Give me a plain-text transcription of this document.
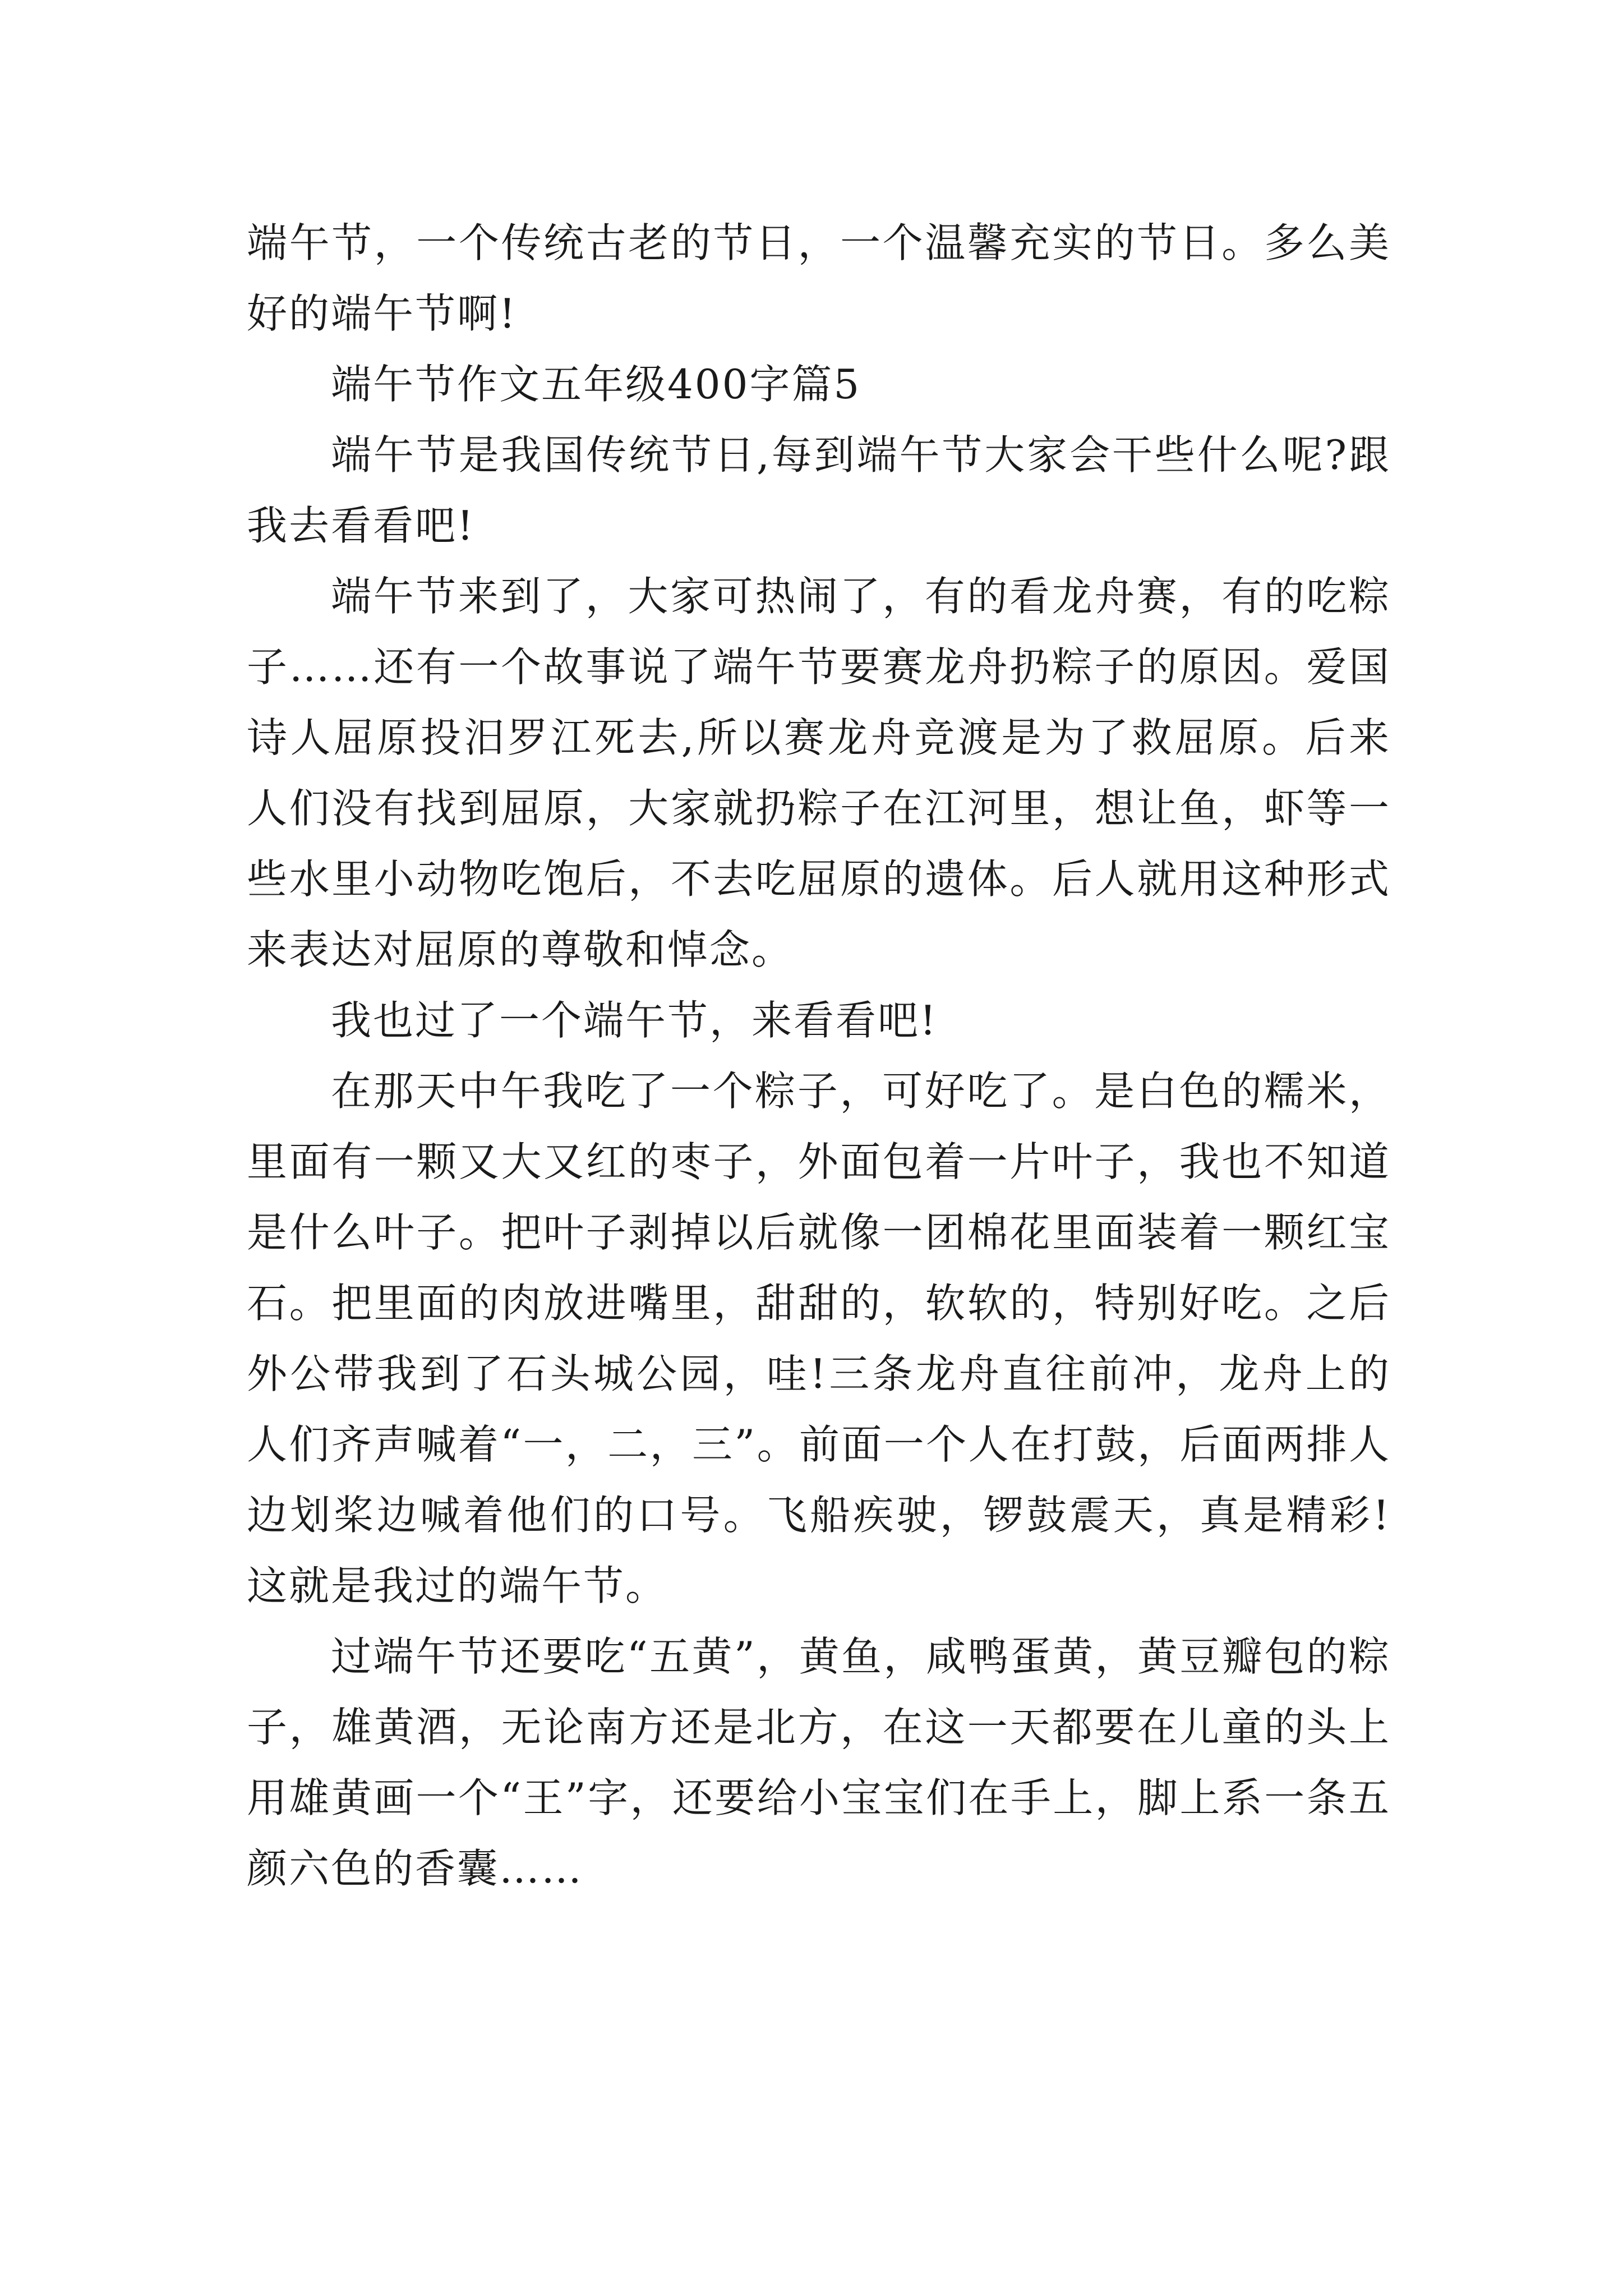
端午节，一个传统古老的节日，一个温馨充实的节日。多么美好的端午节啊!

端午节作文五年级400字篇5

端午节是我国传统节日,每到端午节大家会干些什么呢?跟我去看看吧!

端午节来到了，大家可热闹了，有的看龙舟赛，有的吃粽子……还有一个故事说了端午节要赛龙舟扔粽子的原因。爱国诗人屈原投汨罗江死去,所以赛龙舟竞渡是为了救屈原。后来人们没有找到屈原，大家就扔粽子在江河里，想让鱼，虾等一些水里小动物吃饱后，不去吃屈原的遗体。后人就用这种形式来表达对屈原的尊敬和悼念。

我也过了一个端午节，来看看吧!

在那天中午我吃了一个粽子，可好吃了。是白色的糯米，里面有一颗又大又红的枣子，外面包着一片叶子，我也不知道是什么叶子。把叶子剥掉以后就像一团棉花里面装着一颗红宝石。把里面的肉放进嘴里，甜甜的，软软的，特别好吃。之后外公带我到了石头城公园，哇!三条龙舟直往前冲，龙舟上的人们齐声喊着“一，二，三”。前面一个人在打鼓，后面两排人边划桨边喊着他们的口号。飞船疾驶，锣鼓震天，真是精彩!这就是我过的端午节。

过端午节还要吃“五黄”，黄鱼，咸鸭蛋黄，黄豆瓣包的粽子，雄黄酒，无论南方还是北方，在这一天都要在儿童的头上用雄黄画一个“王”字，还要给小宝宝们在手上，脚上系一条五颜六色的香囊……
